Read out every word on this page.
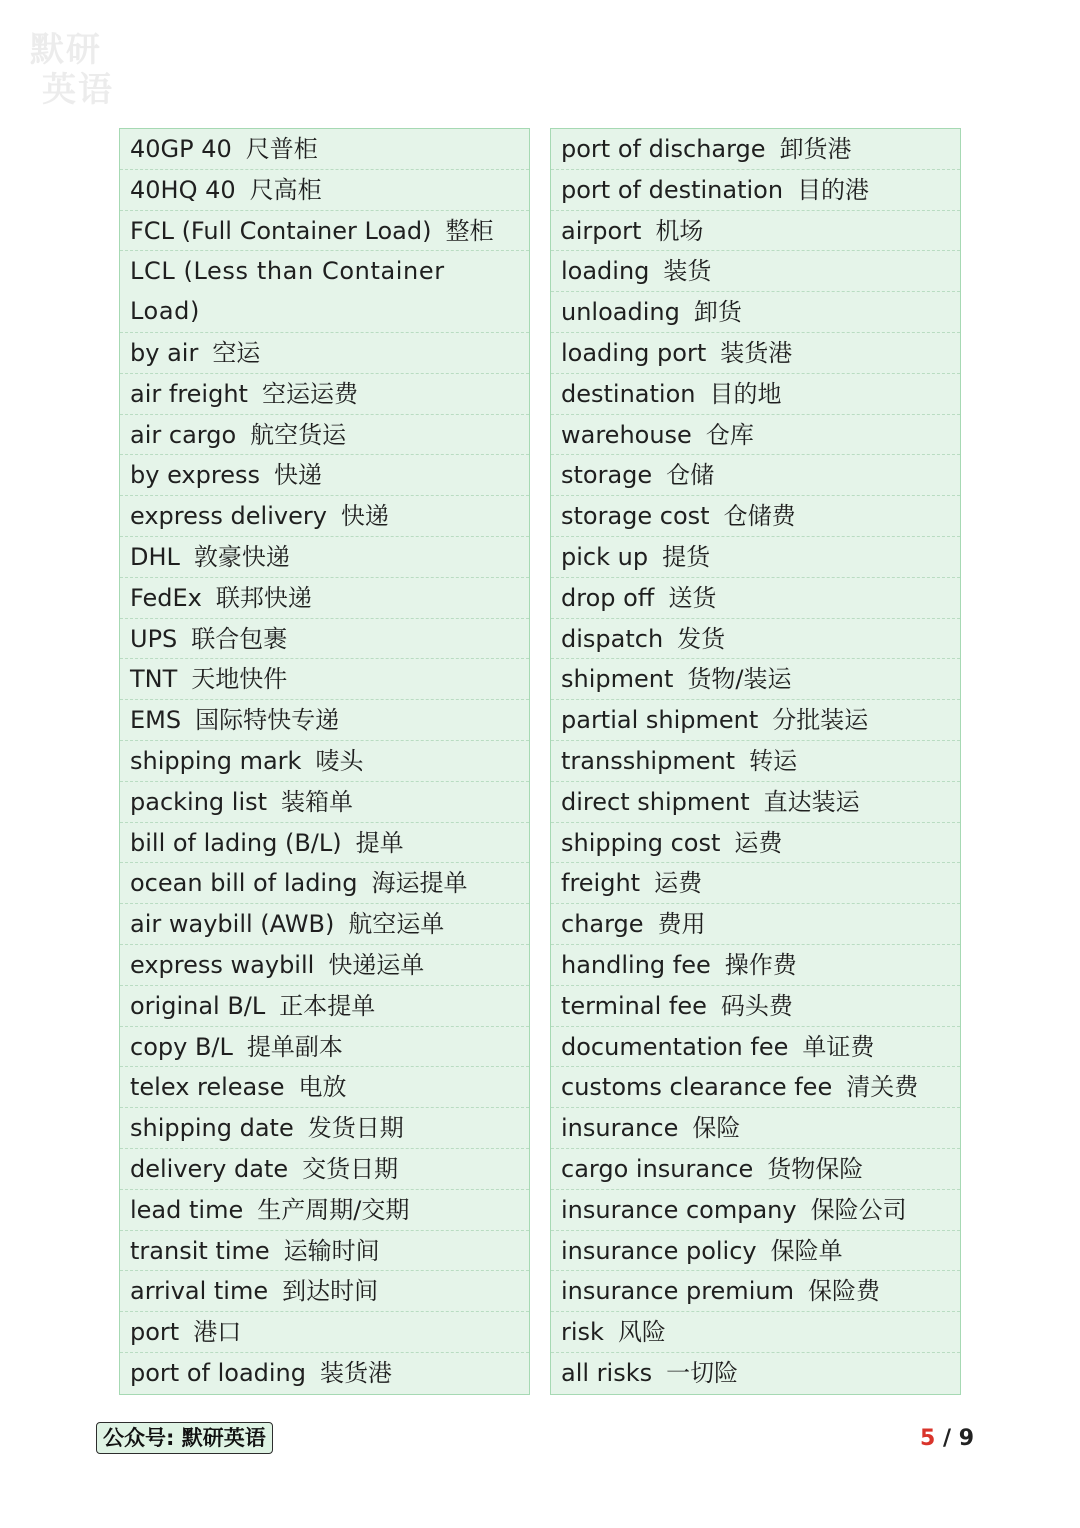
默研
英语
40GP 40 尺普柜
40HQ 40 尺高柜
FCL (Full Container Load) 整柜
LCL (Less than Container Load)
by air 空运
air freight 空运运费
air cargo 航空货运
by express 快递
express delivery 快递
DHL 敦豪快递
FedEx 联邦快递
UPS 联合包裹
TNT 天地快件
EMS 国际特快专递
shipping mark 唛头
packing list 装箱单
bill of lading (B/L) 提单
ocean bill of lading 海运提单
air waybill (AWB) 航空运单
express waybill 快递运单
original B/L 正本提单
copy B/L 提单副本
telex release 电放
shipping date 发货日期
delivery date 交货日期
lead time 生产周期/交期
transit time 运输时间
arrival time 到达时间
port 港口
port of loading 装货港
port of discharge 卸货港
port of destination 目的港
airport 机场
loading 装货
unloading 卸货
loading port 装货港
destination 目的地
warehouse 仓库
storage 仓储
storage cost 仓储费
pick up 提货
drop off 送货
dispatch 发货
shipment 货物/装运
partial shipment 分批装运
transshipment 转运
direct shipment 直达装运
shipping cost 运费
freight 运费
charge 费用
handling fee 操作费
terminal fee 码头费
documentation fee 单证费
customs clearance fee 清关费
insurance 保险
cargo insurance 货物保险
insurance company 保险公司
insurance policy 保险单
insurance premium 保险费
risk 风险
all risks 一切险
公众号: 默研英语	5 / 9
